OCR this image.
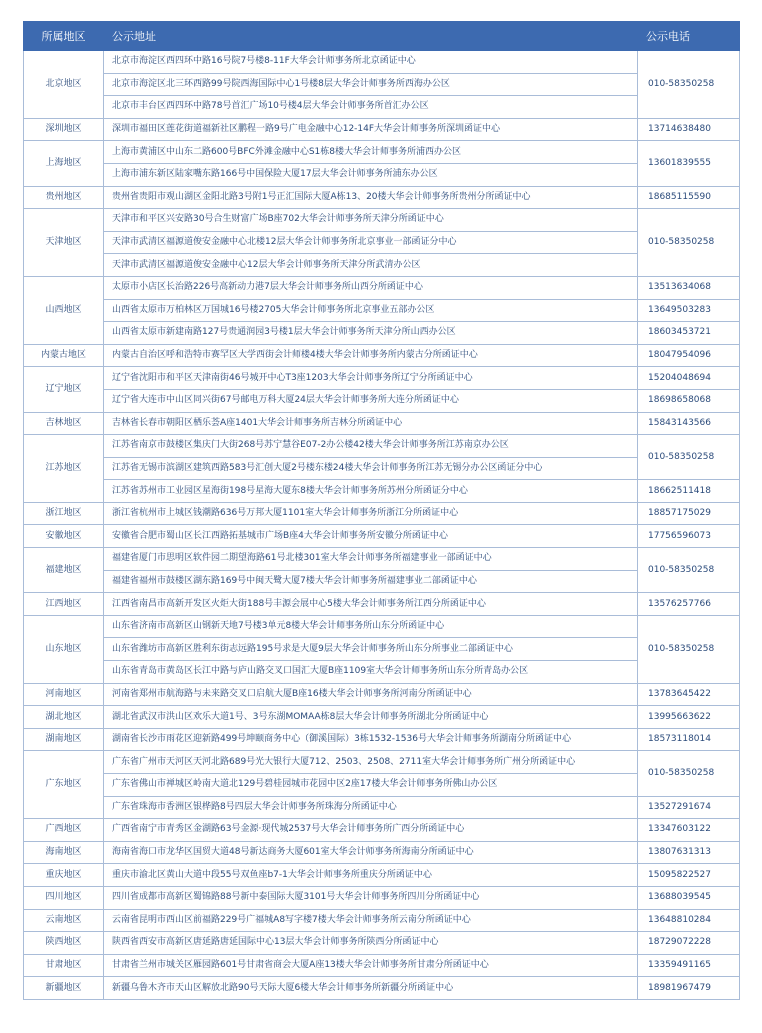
所属地区	公示地址	公示电话
北京地区	北京市海淀区西四环中路16号院7号楼8-11F大华会计师事务所北京函证中心	010-58350258
	北京市海淀区北三环西路99号院西海国际中心1号楼8层大华会计师事务所西海办公区	
	北京市丰台区西四环中路78号首汇广场10号楼4层大华会计师事务所首汇办公区	
深圳地区	深圳市福田区莲花街道福新社区鹏程一路9号广电金融中心12-14F大华会计师事务所深圳函证中心	13714638480
上海地区	上海市黄浦区中山东二路600号BFC外滩金融中心S1栋8楼大华会计师事务所浦西办公区	13601839555
	上海市浦东新区陆家嘴东路166号中国保险大厦17层大华会计师事务所浦东办公区	
贵州地区	贵州省贵阳市观山湖区金阳北路3号附1号正汇国际大厦A栋13、20楼大华会计师事务所贵州分所函证中心	18685115590
天津地区	天津市和平区兴安路30号合生财富广场B座702大华会计师事务所天津分所函证中心	010-58350258
	天津市武清区福源道俊安金融中心北楼12层大华会计师事务所北京事业一部函证分中心	
	天津市武清区福源道俊安金融中心12层大华会计师事务所天津分所武清办公区	
山西地区	太原市小店区长治路226号高新动力港7层大华会计师事务所山西分所函证中心	13513634068
	山西省太原市万柏林区万国城16号楼2705大华会计师事务所北京事业五部办公区	13649503283
	山西省太原市新建南路127号贵通润园3号楼1层大华会计师事务所天津分所山西办公区	18603453721
内蒙古地区	内蒙古自治区呼和浩特市赛罕区大学西街会计师楼4楼大华会计师事务所内蒙古分所函证中心	18047954096
辽宁地区	辽宁省沈阳市和平区天津南街46号城开中心T3座1203大华会计师事务所辽宁分所函证中心	15204048694
	辽宁省大连市中山区同兴街67号邮电万科大厦24层大华会计师事务所大连分所函证中心	18698658068
吉林地区	吉林省长春市朝阳区栖乐荟A座1401大华会计师事务所吉林分所函证中心	15843143566
江苏地区	江苏省南京市鼓楼区集庆门大街268号苏宁慧谷E07-2办公楼42楼大华会计师事务所江苏南京办公区	010-58350258
	江苏省无锡市滨湖区建筑西路583号汇创大厦2号楼东楼24楼大华会计师事务所江苏无锡分办公区函证分中心	
	江苏省苏州市工业园区星海街198号星海大厦东8楼大华会计师事务所苏州分所函证分中心	18662511418
浙江地区	浙江省杭州市上城区钱潮路636号万邦大厦1101室大华会计师事务所浙江分所函证中心	18857175029
安徽地区	安徽省合肥市蜀山区长江西路拓基城市广场B座4大华会计师事务所安徽分所函证中心	17756596073
福建地区	福建省厦门市思明区软件园二期望海路61号北楼301室大华会计师事务所福建事业一部函证中心	010-58350258
	福建省福州市鼓楼区湖东路169号中闽天鹭大厦7楼大华会计师事务所福建事业二部函证中心	
江西地区	江西省南昌市高新开发区火炬大街188号丰源会展中心5楼大华会计师事务所江西分所函证中心	13576257766
山东地区	山东省济南市高新区山钢新天地7号楼3单元8楼大华会计师事务所山东分所函证中心	010-58350258
	山东省潍坊市高新区胜利东街志远路195号求是大厦9层大华会计师事务所山东分所事业二部函证中心	
	山东省青岛市黄岛区长江中路与庐山路交叉口国汇大厦B座1109室大华会计师事务所山东分所青岛办公区	
河南地区	河南省郑州市航海路与未来路交叉口启航大厦B座16楼大华会计师事务所河南分所函证中心	13783645422
湖北地区	湖北省武汉市洪山区欢乐大道1号、3号东湖MOMAA栋8层大华会计师事务所湖北分所函证中心	13995663622
湖南地区	湖南省长沙市雨花区迎新路499号坤颐商务中心（御溪国际）3栋1532-1536号大华会计师事务所湖南分所函证中心	18573118014
广东地区	广东省广州市天河区天河北路689号光大银行大厦712、2503、2508、2711室大华会计师事务所广州分所函证中心	010-58350258
	广东省佛山市禅城区岭南大道北129号碧桂园城市花园中区2座17楼大华会计师事务所佛山办公区	
	广东省珠海市香洲区银桦路8号四层大华会计师事务所珠海分所函证中心	13527291674
广西地区	广西省南宁市青秀区金湖路63号金源·现代城2537号大华会计师事务所广西分所函证中心	13347603122
海南地区	海南省海口市龙华区国贸大道48号新达商务大厦601室大华会计师事务所海南分所函证中心	13807631313
重庆地区	重庆市渝北区黄山大道中段55号双鱼座b7-1大华会计师事务所重庆分所函证中心	15095822527
四川地区	四川省成都市高新区蜀锦路88号新中泰国际大厦3101号大华会计师事务所四川分所函证中心	13688039545
云南地区	云南省昆明市西山区前福路229号广福城A8写字楼7楼大华会计师事务所云南分所函证中心	13648810284
陕西地区	陕西省西安市高新区唐延路唐延国际中心13层大华会计师事务所陕西分所函证中心	18729072228
甘肃地区	甘肃省兰州市城关区雁园路601号甘肃省商会大厦A座13楼大华会计师事务所甘肃分所函证中心	13359491165
新疆地区	新疆乌鲁木齐市天山区解放北路90号天际大厦6楼大华会计师事务所新疆分所函证中心	18981967479
